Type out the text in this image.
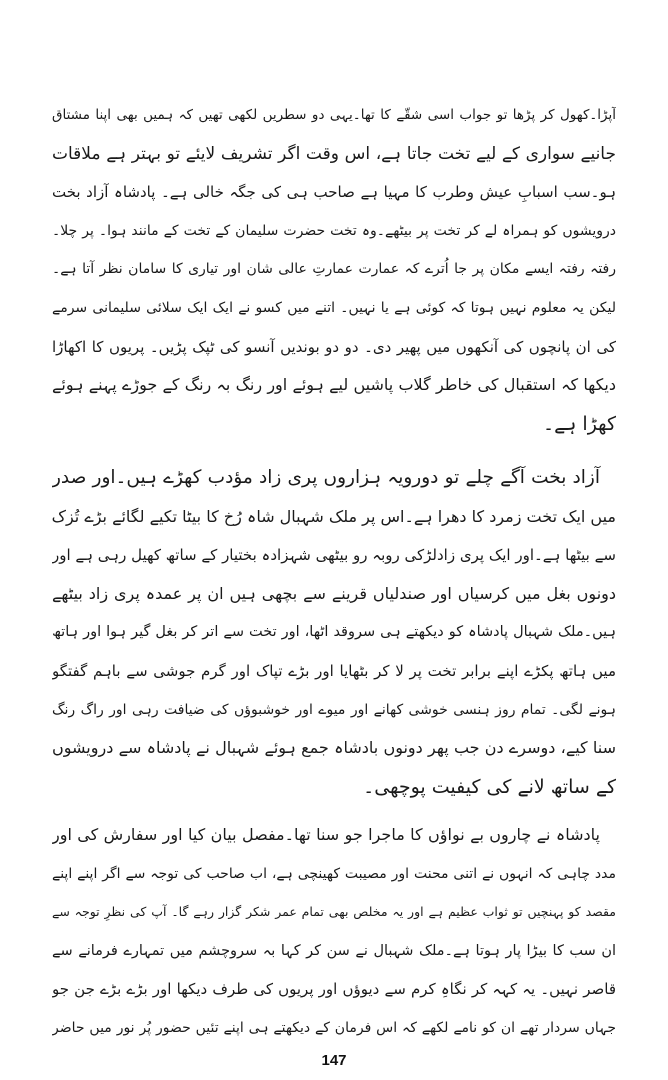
آپڑا۔کھول کر پڑھا تو جواب اسی شقّے کا تھا۔یہی دو سطریں لکھی تھیں کہ ہمیں بھی اپنا مشتاق
جانیے سواری کے لیے تخت جاتا ہے، اس وقت اگر تشریف لایئے تو بہتر ہے ملاقات
ہو۔سب اسبابِ عیش وطرب کا مہیا ہے صاحب ہی کی جگہ خالی ہے۔ پادشاہ آزاد بخت
درویشوں کو ہمراہ لے کر تخت پر بیٹھے۔وہ تخت حضرت سلیمان کے تخت کے مانند ہوا۔ پر چلا۔
رفتہ رفتہ ایسے مکان پر جا اُترے کہ عمارت عمارتِ عالی شان اور تیاری کا سامان نظر آتا ہے۔
لیکن یہ معلوم نہیں ہوتا کہ کوئی ہے یا نہیں۔ اتنے میں کسو نے ایک ایک سلائی سلیمانی سرمے
کی ان پانچوں کی آنکھوں میں پھیر دی۔ دو دو بوندیں آنسو کی ٹپک پڑیں۔ پریوں کا اکھاڑا
دیکھا کہ استقبال کی خاطر گلاب پاشیں لیے ہوئے اور رنگ بہ رنگ کے جوڑے پہنے ہوئے
کھڑا ہے۔
آزاد بخت آگے چلے تو دورویہ ہزاروں پری زاد مؤدب کھڑے ہیں۔اور صدر
میں ایک تخت زمرد کا دھرا ہے۔اس پر ملک شہبال شاہ رُخ کا بیٹا تکیے لگائے بڑے تُزک
سے بیٹھا ہے۔اور ایک پری زادلڑکی روبہ رو بیٹھی شہزادہ بختیار کے ساتھ کھیل رہی ہے اور
دونوں بغل میں کرسیاں اور صندلیاں قرینے سے بچھی ہیں ان پر عمدہ پری زاد بیٹھے
ہیں۔ملک شہبال پادشاہ کو دیکھتے ہی سروقد اٹھا، اور تخت سے اتر کر بغل گیر ہوا اور ہاتھ
میں ہاتھ پکڑے اپنے برابر تخت پر لا کر بٹھایا اور بڑے تپاک اور گرم جوشی سے باہم گفتگو
ہونے لگی۔ تمام روز ہنسی خوشی کھانے اور میوے اور خوشبوؤں کی ضیافت رہی اور راگ رنگ
سنا کیے، دوسرے دن جب پھر دونوں بادشاہ جمع ہوئے شہبال نے پادشاہ سے درویشوں
کے ساتھ لانے کی کیفیت پوچھی۔
پادشاہ نے چاروں بے نواؤں کا ماجرا جو سنا تھا۔مفصل بیان کیا اور سفارش کی اور
مدد چاہی کہ انہوں نے اتنی محنت اور مصیبت کھینچی ہے، اب صاحب کی توجہ سے اگر اپنے اپنے
مقصد کو پہنچیں تو ثواب عظیم ہے اور یہ مخلص بھی تمام عمر شکر گزار رہے گا۔ آپ کی نظرِ توجہ سے
ان سب کا بیڑا پار ہوتا ہے۔ملک شہبال نے سن کر کہا بہ سروچشم میں تمہارے فرمانے سے
قاصر نہیں۔ یہ کہہ کر نگاہِ کرم سے دیوؤں اور پریوں کی طرف دیکھا اور بڑے بڑے جن جو
جہاں سردار تھے ان کو نامے لکھے کہ اس فرمان کے دیکھتے ہی اپنے تئیں حضور پُر نور میں حاضر
147
